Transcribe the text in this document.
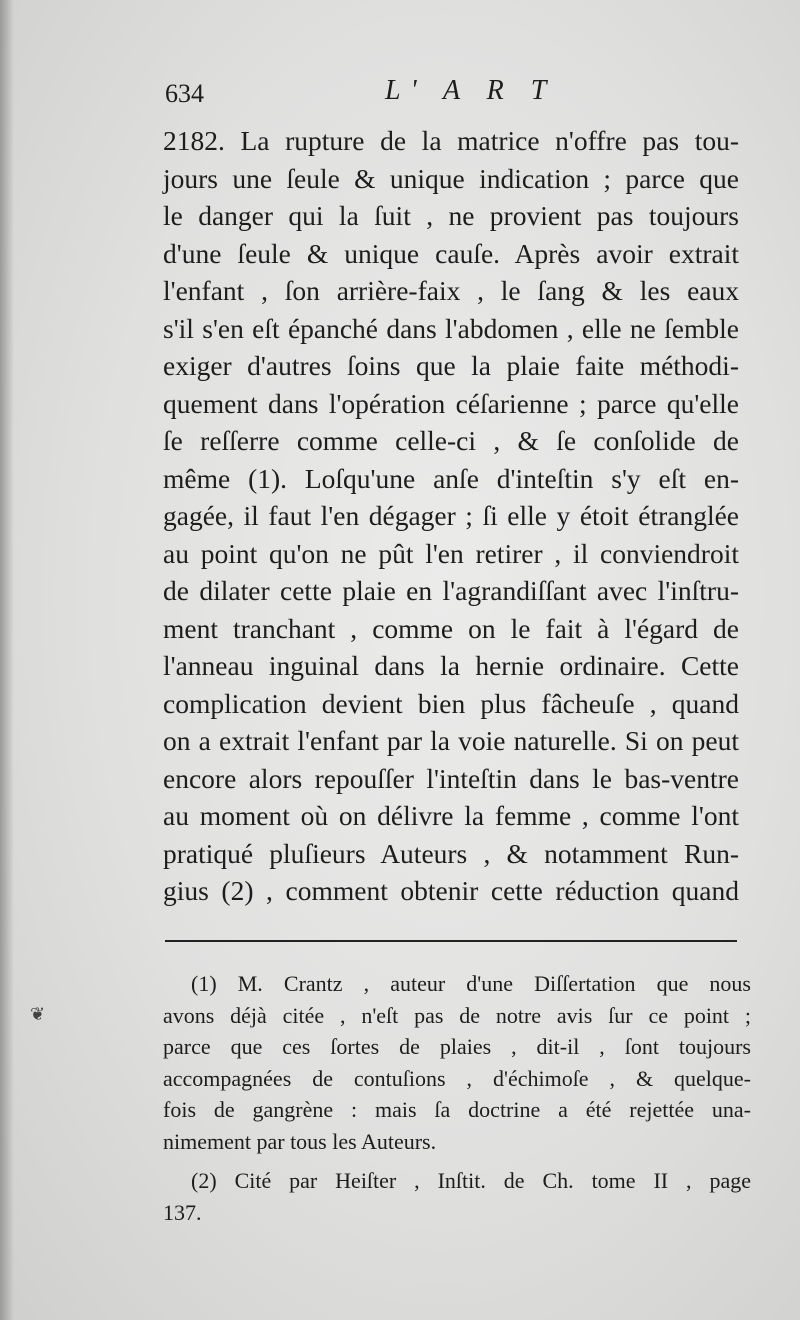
634	L' A R T
2182. La rupture de la matrice n'offre pas tou-
jours une ſeule & unique indication ; parce que
le danger qui la ſuit , ne provient pas toujours
d'une ſeule & unique cauſe. Après avoir extrait
l'enfant , ſon arrière-faix , le ſang & les eaux
s'il s'en eſt épanché dans l'abdomen , elle ne ſemble
exiger d'autres ſoins que la plaie faite méthodi-
quement dans l'opération céſarienne ; parce qu'elle
ſe reſſerre comme celle-ci , & ſe conſolide de
même (1). Loſqu'une anſe d'inteſtin s'y eſt en-
gagée, il faut l'en dégager ; ſi elle y étoit étranglée
au point qu'on ne pût l'en retirer , il conviendroit
de dilater cette plaie en l'agrandiſſant avec l'inſtru-
ment tranchant , comme on le fait à l'égard de
l'anneau inguinal dans la hernie ordinaire. Cette
complication devient bien plus fâcheuſe , quand
on a extrait l'enfant par la voie naturelle. Si on peut
encore alors repouſſer l'inteſtin dans le bas-ventre
au moment où on délivre la femme , comme l'ont
pratiqué pluſieurs Auteurs , & notamment Run-
gius (2) , comment obtenir cette réduction quand
(1) M. Crantz , auteur d'une Diſſertation que nous
avons déjà citée , n'eſt pas de notre avis ſur ce point ;
parce que ces ſortes de plaies , dit-il , ſont toujours
accompagnées de contuſions , d'échimoſe , & quelque-
fois de gangrène : mais ſa doctrine a été rejettée una-
nimement par tous les Auteurs.
(2) Cité par Heiſter , Inſtit. de Ch. tome II , page
137.
❦
